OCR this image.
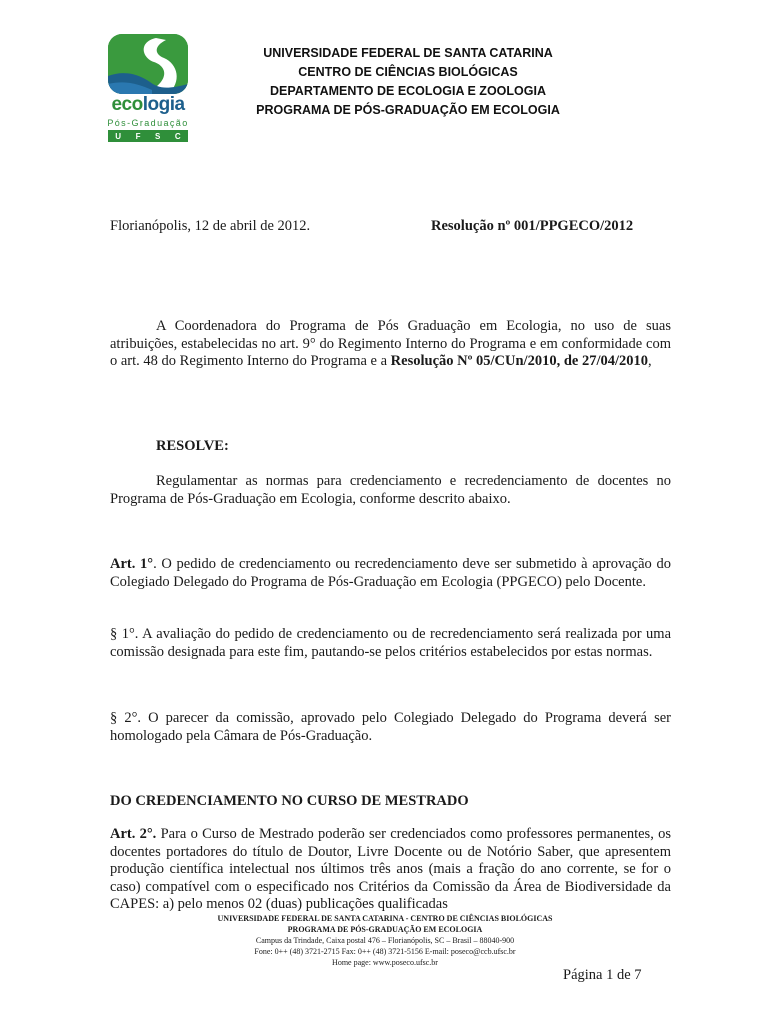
ecologia
Pós-Graduação
U F S C
UNIVERSIDADE FEDERAL DE SANTA CATARINA
CENTRO DE CIÊNCIAS BIOLÓGICAS
DEPARTAMENTO DE ECOLOGIA E ZOOLOGIA
PROGRAMA DE PÓS-GRADUAÇÃO EM ECOLOGIA
Florianópolis, 12 de abril de 2012.	Resolução nº 001/PPGECO/2012
A Coordenadora do Programa de Pós Graduação em Ecologia, no uso de suas atribuições, estabelecidas no art. 9° do Regimento Interno do Programa e em conformidade com o art. 48 do Regimento Interno do Programa e a Resolução Nº 05/CUn/2010, de 27/04/2010,
RESOLVE:
Regulamentar as normas para credenciamento e recredenciamento de docentes no Programa de Pós-Graduação em Ecologia, conforme descrito abaixo.
Art. 1°. O pedido de credenciamento ou recredenciamento deve ser submetido à aprovação do Colegiado Delegado do Programa de Pós-Graduação em Ecologia (PPGECO) pelo Docente.
§ 1°. A avaliação do pedido de credenciamento ou de recredenciamento será realizada por uma comissão designada para este fim, pautando-se pelos critérios estabelecidos por estas normas.
§ 2°. O parecer da comissão, aprovado pelo Colegiado Delegado do Programa deverá ser homologado pela Câmara de Pós-Graduação.
DO CREDENCIAMENTO NO CURSO DE MESTRADO
Art. 2°. Para o Curso de Mestrado poderão ser credenciados como professores permanentes, os docentes portadores do título de Doutor, Livre Docente ou de Notório Saber, que apresentem produção científica intelectual nos últimos três anos (mais a fração do ano corrente, se for o caso) compatível com o especificado nos Critérios da Comissão da Área de Biodiversidade da CAPES: a) pelo menos 02 (duas) publicações qualificadas
UNIVERSIDADE FEDERAL DE SANTA CATARINA - CENTRO DE CIÊNCIAS BIOLÓGICAS
PROGRAMA DE PÓS-GRADUAÇÃO EM ECOLOGIA
Campus da Trindade, Caixa postal 476 – Florianópolis, SC – Brasil – 88040-900
Fone: 0++ (48) 3721-2715 Fax: 0++ (48) 3721-5156 E-mail: poseco@ccb.ufsc.br
Home page: www.poseco.ufsc.br
Página 1 de 7
